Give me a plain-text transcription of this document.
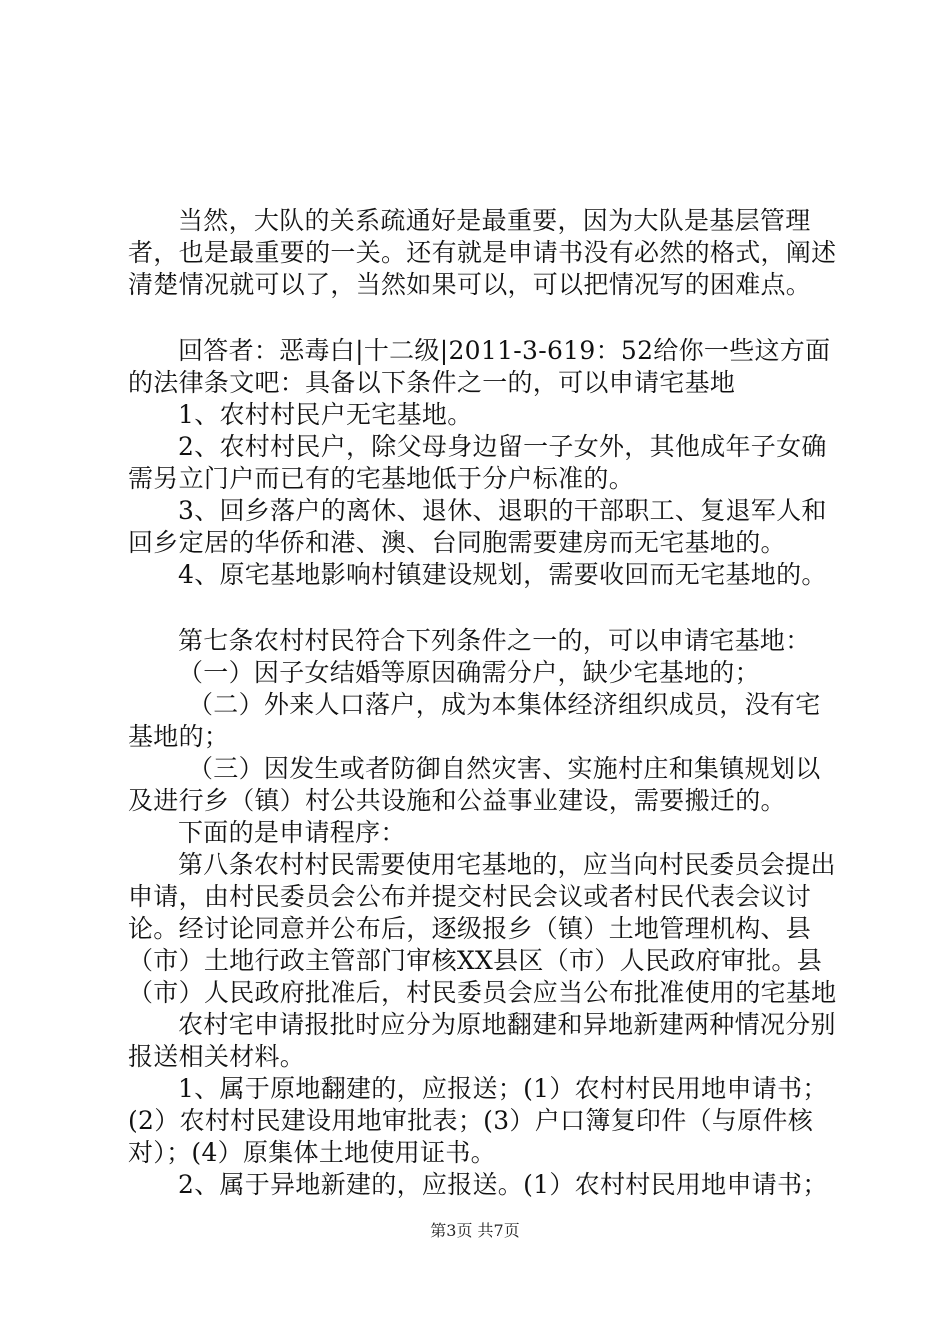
当然，大队的关系疏通好是最重要，因为大队是基层管理者，也是最重要的一关。还有就是申请书没有必然的格式，阐述清楚情况就可以了，当然如果可以，可以把情况写的困难点。

回答者：恶毒白|十二级|2011-3-619：52给你一些这方面的法律条文吧：具备以下条件之一的，可以申请宅基地

1、农村村民户无宅基地。

2、农村村民户，除父母身边留一子女外，其他成年子女确需另立门户而已有的宅基地低于分户标准的。

3、回乡落户的离休、退休、退职的干部职工、复退军人和回乡定居的华侨和港、澳、台同胞需要建房而无宅基地的。

4、原宅基地影响村镇建设规划，需要收回而无宅基地的。

第七条农村村民符合下列条件之一的，可以申请宅基地：

（一）因子女结婚等原因确需分户，缺少宅基地的；

（二）外来人口落户，成为本集体经济组织成员，没有宅基地的；

（三）因发生或者防御自然灾害、实施村庄和集镇规划以及进行乡（镇）村公共设施和公益事业建设，需要搬迁的。

下面的是申请程序：

第八条农村村民需要使用宅基地的，应当向村民委员会提出申请，由村民委员会公布并提交村民会议或者村民代表会议讨论。经讨论同意并公布后，逐级报乡（镇）土地管理机构、县（市）土地行政主管部门审核XX县区（市）人民政府审批。县（市）人民政府批准后，村民委员会应当公布批准使用的宅基地

农村宅申请报批时应分为原地翻建和异地新建两种情况分别报送相关材料。

1、属于原地翻建的，应报送；(1）农村村民用地申请书；(2）农村村民建设用地审批表；(3）户口簿复印件（与原件核对）；(4）原集体土地使用证书。

2、属于异地新建的，应报送。(1）农村村民用地申请书；

第3页 共7页
